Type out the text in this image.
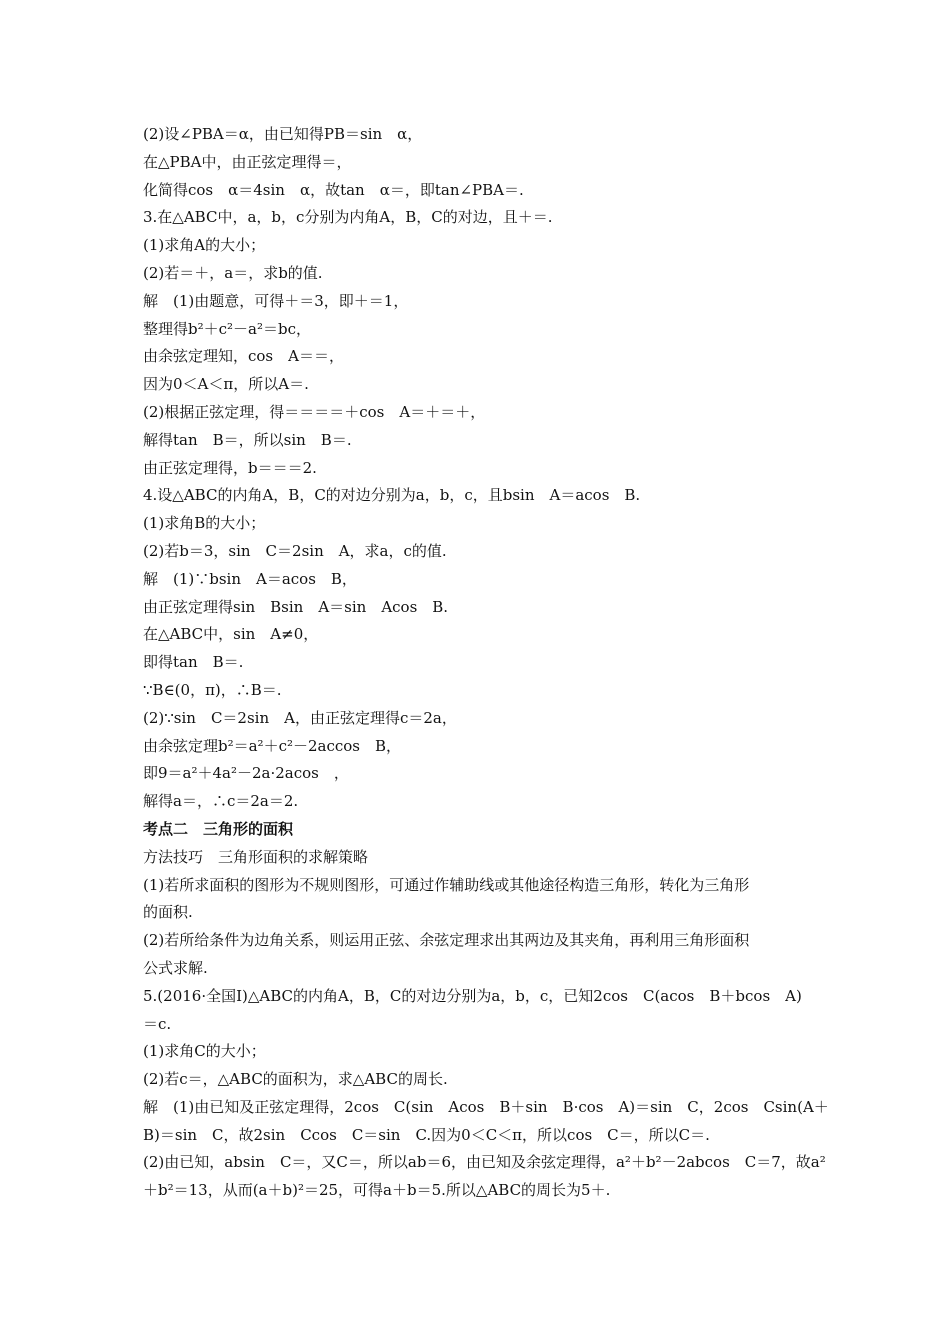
(2)设∠PBA＝α，由已知得PB＝sin　α，
在△PBA中，由正弦定理得＝，
化简得cos　α＝4sin　α，故tan　α＝，即tan∠PBA＝.
3.在△ABC中，a，b，c分别为内角A，B，C的对边，且＋＝.
(1)求角A的大小；
(2)若＝＋，a＝，求b的值.
解　(1)由题意，可得＋＝3，即＋＝1，
整理得b²＋c²－a²＝bc，
由余弦定理知，cos　A＝＝，
因为0＜A＜π，所以A＝.
(2)根据正弦定理，得＝＝＝＝＋cos　A＝＋＝＋，
解得tan　B＝，所以sin　B＝.
由正弦定理得，b＝＝＝2.
4.设△ABC的内角A，B，C的对边分别为a，b，c，且bsin　A＝acos　B.
(1)求角B的大小；
(2)若b＝3，sin　C＝2sin　A，求a，c的值.
解　(1)∵bsin　A＝acos　B，
由正弦定理得sin　Bsin　A＝sin　Acos　B.
在△ABC中，sin　A≠0，
即得tan　B＝.
∵B∈(0，π)，∴B＝.
(2)∵sin　C＝2sin　A，由正弦定理得c＝2a，
由余弦定理b²＝a²＋c²－2accos　B，
即9＝a²＋4a²－2a·2acos　，
解得a＝，∴c＝2a＝2.
考点二　三角形的面积
方法技巧　三角形面积的求解策略
(1)若所求面积的图形为不规则图形，可通过作辅助线或其他途径构造三角形，转化为三角形
的面积.
(2)若所给条件为边角关系，则运用正弦、余弦定理求出其两边及其夹角，再利用三角形面积
公式求解.
5.(2016·全国Ⅰ)△ABC的内角A，B，C的对边分别为a，b，c，已知2cos　C(acos　B＋bcos　A)
＝c.
(1)求角C的大小；
(2)若c＝，△ABC的面积为，求△ABC的周长.
解　(1)由已知及正弦定理得，2cos　C(sin　Acos　B＋sin　B·cos　A)＝sin　C，2cos　Csin(A＋
B)＝sin　C，故2sin　Ccos　C＝sin　C.因为0＜C＜π，所以cos　C＝，所以C＝.
(2)由已知，absin　C＝，又C＝，所以ab＝6，由已知及余弦定理得，a²＋b²－2abcos　C＝7，故a²
＋b²＝13，从而(a＋b)²＝25，可得a＋b＝5.所以△ABC的周长为5＋.
